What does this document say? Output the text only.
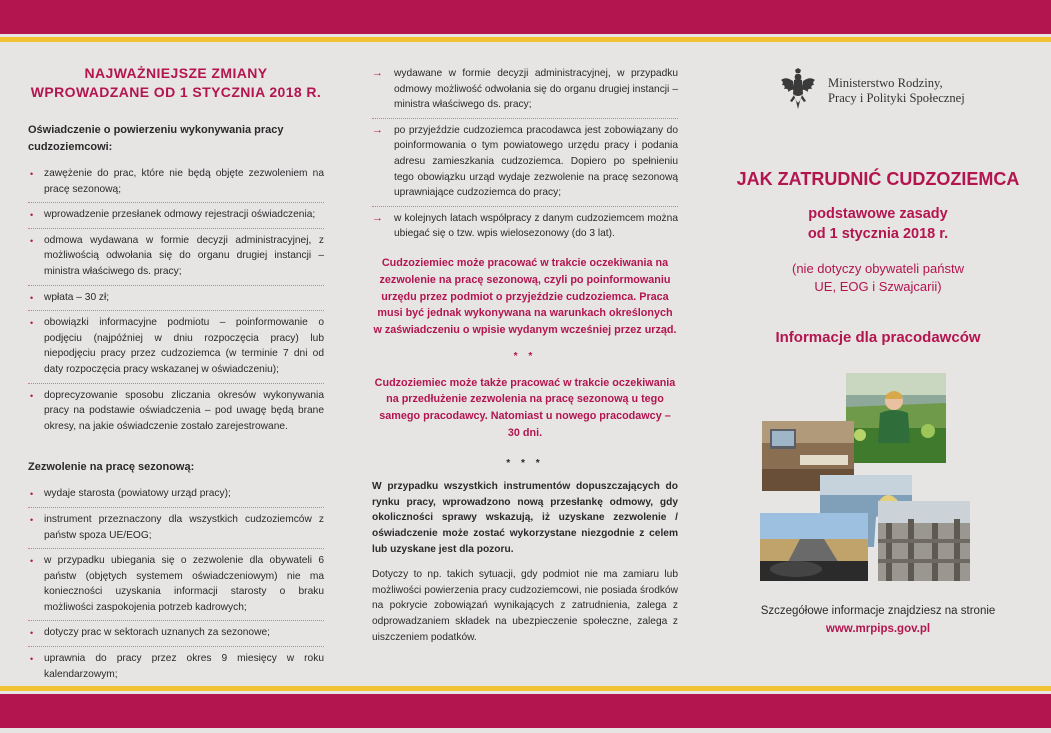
NAJWAŻNIEJSZE ZMIANY
WPROWADZANE OD 1 STYCZNIA 2018 R.
Oświadczenie o powierzeniu wykonywania pracy cudzoziemcowi:
• zawężenie do prac, które nie będą objęte zezwoleniem na pracę sezonową;
• wprowadzenie przesłanek odmowy rejestracji oświadczenia;
• odmowa wydawana w formie decyzji administracyjnej, z możliwością odwołania się do organu drugiej instancji – ministra właściwego ds. pracy;
• wpłata – 30 zł;
• obowiązki informacyjne podmiotu – poinformowanie o podjęciu (najpóźniej w dniu rozpoczęcia pracy) lub niepodjęciu pracy przez cudzoziemca (w terminie 7 dni od daty rozpoczęcia pracy wskazanej w oświadczeniu);
• doprecyzowanie sposobu zliczania okresów wykonywania pracy na podstawie oświadczenia – pod uwagę będą brane okresy, na jakie oświadczenie zostało zarejestrowane.
Zezwolenie na pracę sezonową:
• wydaje starosta (powiatowy urząd pracy);
• instrument przeznaczony dla wszystkich cudzoziemców z państw spoza UE/EOG;
• w przypadku ubiegania się o zezwolenie dla obywateli 6 państw (objętych systemem oświadczeniowym) nie ma konieczności uzyskania informacji starosty o braku możliwości zaspokojenia potrzeb kadrowych;
• dotyczy prac w sektorach uznanych za sezonowe;
• uprawnia do pracy przez okres 9 miesięcy w roku kalendarzowym;
→ wydawane w formie decyzji administracyjnej, w przypadku odmowy możliwość odwołania się do organu drugiej instancji – ministra właściwego ds. pracy;
→ po przyjeździe cudzoziemca pracodawca jest zobowiązany do poinformowania o tym powiatowego urzędu pracy i podania adresu zamieszkania cudzoziemca. Dopiero po spełnieniu tego obowiązku urząd wydaje zezwolenie na pracę sezonową uprawniające cudzoziemca do pracy;
→ w kolejnych latach współpracy z danym cudzoziemcem można ubiegać się o tzw. wpis wielosezonowy (do 3 lat).
Cudzoziemiec może pracować w trakcie oczekiwania na zezwolenie na pracę sezonową, czyli po poinformowaniu urzędu przez podmiot o przyjeździe cudzoziemca. Praca musi być jednak wykonywana na warunkach określonych w zaświadczeniu o wpisie wydanym wcześniej przez urząd.
* *
Cudzoziemiec może także pracować w trakcie oczekiwania na przedłużenie zezwolenia na pracę sezonową u tego samego pracodawcy. Natomiast u nowego pracodawcy – 30 dni.
* * *

W przypadku wszystkich instrumentów dopuszczających do rynku pracy, wprowadzono nową przesłankę odmowy, gdy okoliczności sprawy wskazują, iż uzyskane zezwolenie / oświadczenie może zostać wykorzystane niezgodnie z celem lub uzyskane jest dla pozoru.

Dotyczy to np. takich sytuacji, gdy podmiot nie ma zamiaru lub możliwości powierzenia pracy cudzoziemcowi, nie posiada środków na pokrycie zobowiązań wynikających z zatrudnienia, zalega z odprowadzaniem składek na ubezpieczenie społeczne, zalega z uiszczeniem podatków.

Ministerstwo Rodziny,
Pracy i Polityki Społecznej
JAK ZATRUDNIĆ CUDZOZIEMCA
podstawowe zasady
od 1 stycznia 2018 r.
(nie dotyczy obywateli państw
UE, EOG i Szwajcarii)
Informacje dla pracodawców
Szczegółowe informacje znajdziesz na stronie
www.mrpips.gov.pl
